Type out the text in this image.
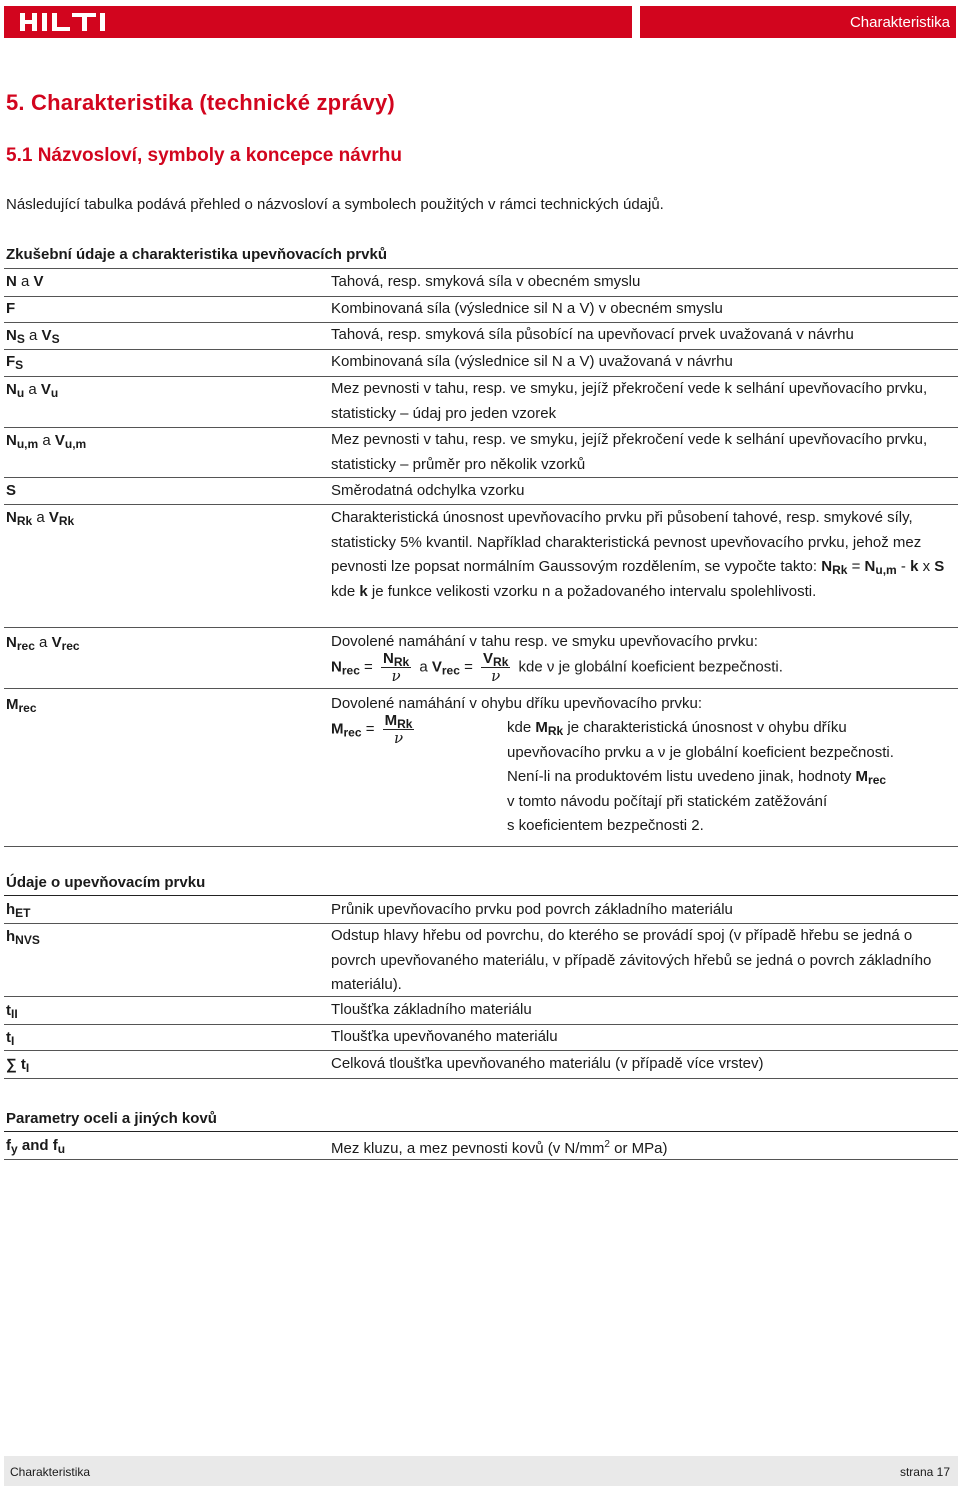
Charakteristika
5. Charakteristika (technické zprávy)
5.1 Názvosloví, symboly a koncepce návrhu
Následující tabulka podává přehled o názvosloví a symbolech použitých v rámci technických údajů.
Zkušební údaje a charakteristika upevňovacích prvků
N a V	Tahová, resp. smyková síla v obecném smyslu
F	Kombinovaná síla (výslednice sil N a V) v obecném smyslu
$N_S$ a $V_S$	Tahová, resp. smyková síla působící na upevňovací prvek uvažovaná v návrhu
$F_S$	Kombinovaná síla (výslednice sil N a V) uvažovaná v návrhu
$N_u$ a $V_u$	Mez pevnosti v tahu, resp. ve smyku, jejíž překročení vede k selhání upevňovacího prvku, statisticky – údaj pro jeden vzorek
$N_{u,m}$ a $V_{u,m}$	Mez pevnosti v tahu, resp. ve smyku, jejíž překročení vede k selhání upevňovacího prvku, statisticky – průměr pro několik vzorků
S	Směrodatná odchylka vzorku
$N_{Rk}$ a $V_{Rk}$	Charakteristická únosnost upevňovacího prvku při působení tahové, resp. smykové síly, statisticky 5% kvantil. Například charakteristická pevnost upevňovacího prvku, jehož mez pevnosti lze popsat normálním Gaussovým rozdělením, se vypočte takto: $N_{Rk} = N_{u,m} - k$ x S kde k je funkce velikosti vzorku n a požadovaného intervalu spolehlivosti.
$N_{rec}$ a $V_{rec}$	Dovolené namáhání v tahu resp. ve smyku upevňovacího prvku:
$N_{rec} = \frac{N_{Rk}}{\nu}$ a $V_{rec} = \frac{V_{Rk}}{\nu}$ kde ν je globální koeficient bezpečnosti.
$M_{rec}$	Dovolené namáhání v ohybu dříku upevňovacího prvku:
$M_{rec} = \frac{M_{Rk}}{\nu}$	kde $M_{Rk}$ je charakteristická únosnost v ohybu dříku
upevňovacího prvku a ν je globální koeficient bezpečnosti.
Není-li na produktovém listu uvedeno jinak, hodnoty $M_{rec}$
v tomto návodu počítají při statickém zatěžování
s koeficientem bezpečnosti 2.
Údaje o upevňovacím prvku
$h_{ET}$	Průnik upevňovacího prvku pod povrch základního materiálu
$h_{NVS}$	Odstup hlavy hřebu od povrchu, do kterého se provádí spoj (v případě hřebu se jedná o povrch upevňovaného materiálu, v případě závitových hřebů se jedná o povrch základního materiálu).
$t_{II}$	Tloušťka základního materiálu
$t_I$	Tloušťka upevňovaného materiálu
∑ $t_I$	Celková tloušťka upevňovaného materiálu (v případě více vrstev)
Parametry oceli a jiných kovů
$f_y$ and $f_u$	Mez kluzu, a mez pevnosti kovů (v $N/mm^2$ or MPa)
Charakteristika	strana 17
